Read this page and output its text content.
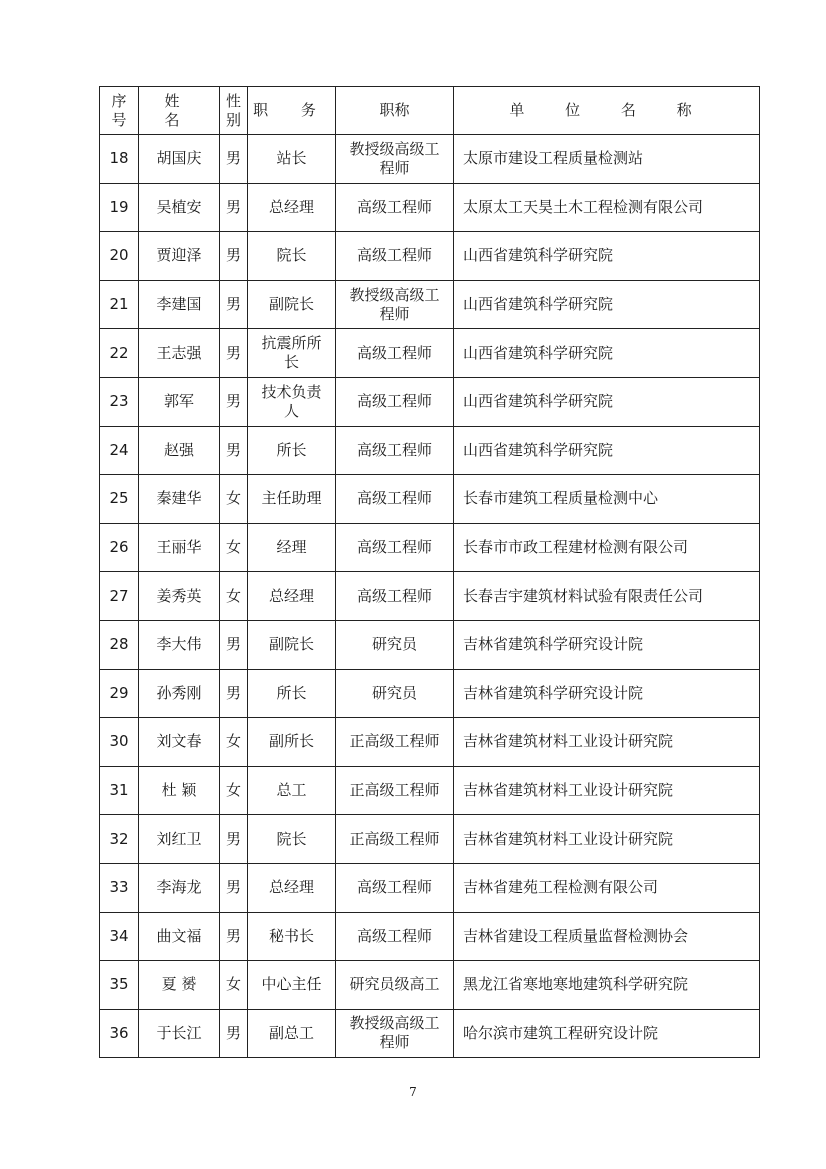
序号	姓 名	性别	职 务	职称	单 位 名 称

18	胡国庆	男	站长	教授级高级工程师	太原市建设工程质量检测站

19	吴植安	男	总经理	高级工程师	太原太工天昊土木工程检测有限公司

20	贾迎泽	男	院长	高级工程师	山西省建筑科学研究院

21	李建国	男	副院长	教授级高级工程师	山西省建筑科学研究院

22	王志强	男	抗震所所长	高级工程师	山西省建筑科学研究院

23	郭军	男	技术负责人	高级工程师	山西省建筑科学研究院

24	赵强	男	所长	高级工程师	山西省建筑科学研究院

25	秦建华	女	主任助理	高级工程师	长春市建筑工程质量检测中心

26	王丽华	女	经理	高级工程师	长春市市政工程建材检测有限公司

27	姜秀英	女	总经理	高级工程师	长春吉宇建筑材料试验有限责任公司

28	李大伟	男	副院长	研究员	吉林省建筑科学研究设计院

29	孙秀刚	男	所长	研究员	吉林省建筑科学研究设计院

30	刘文春	女	副所长	正高级工程师	吉林省建筑材料工业设计研究院

31	杜 颖	女	总工	正高级工程师	吉林省建筑材料工业设计研究院

32	刘红卫	男	院长	正高级工程师	吉林省建筑材料工业设计研究院

33	李海龙	男	总经理	高级工程师	吉林省建苑工程检测有限公司

34	曲文福	男	秘书长	高级工程师	吉林省建设工程质量监督检测协会

35	夏 赟	女	中心主任	研究员级高工	黑龙江省寒地寒地建筑科学研究院

36	于长江	男	副总工	教授级高级工程师	哈尔滨市建筑工程研究设计院
7
